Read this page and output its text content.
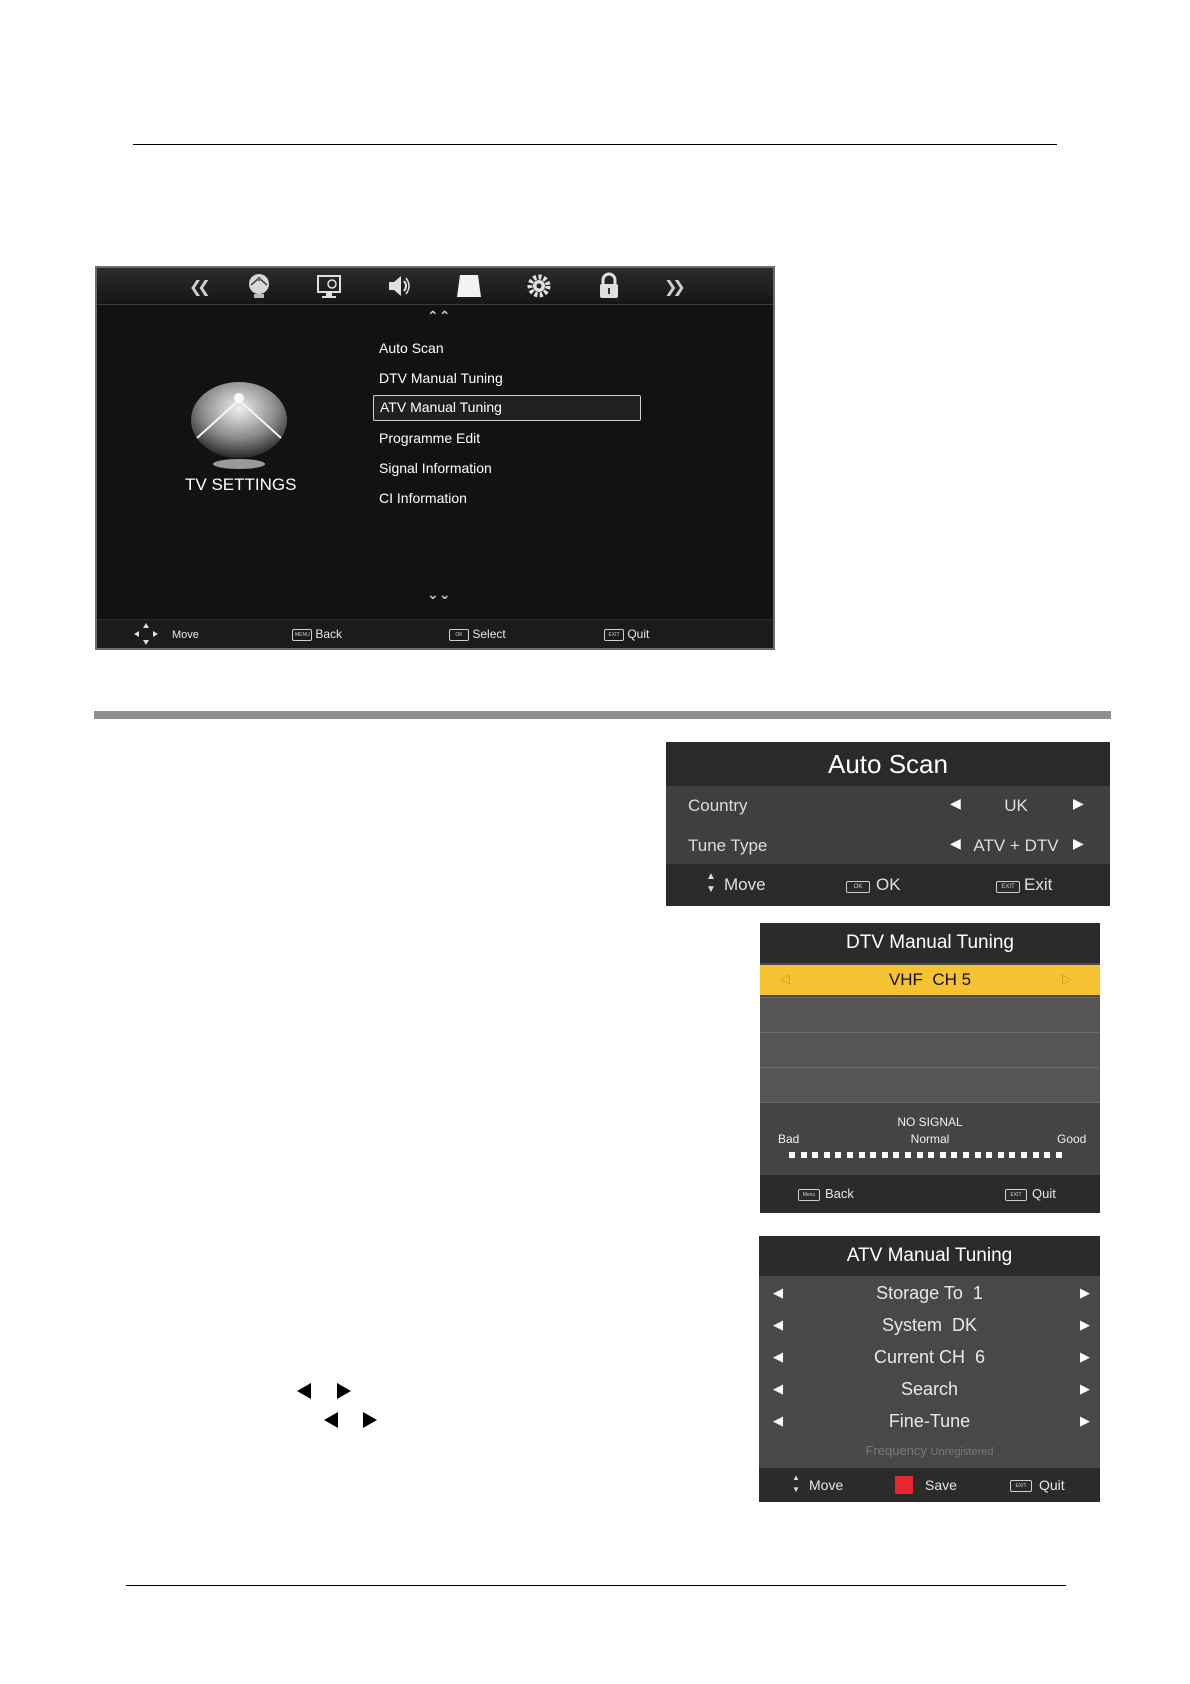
❮❮	❯❯
⌃⌃
TV SETTINGS
Auto Scan
DTV Manual Tuning
ATV Manual Tuning
Programme Edit
Signal Information
CI Information
⌄⌄
Move	MENU Back	OK Select	EXIT Quit
Auto Scan
Country	◀	UK	▶
Tune Type	◀ ATV + DTV	▶
▲
▼ Move	OK OK	EXIT Exit
DTV Manual Tuning
◁	VHF  CH 5	▷
NO SIGNAL
Bad	Normal	Good
Menu Back	EXIT Quit
ATV Manual Tuning
◀	Storage To  1	▶
◀	System  DK	▶
◀	Current CH  6	▶
◀	Search	▶
◀	Fine-Tune	▶
Frequency Unregistered
▲
▼ Move	Save	EXIT Quit
